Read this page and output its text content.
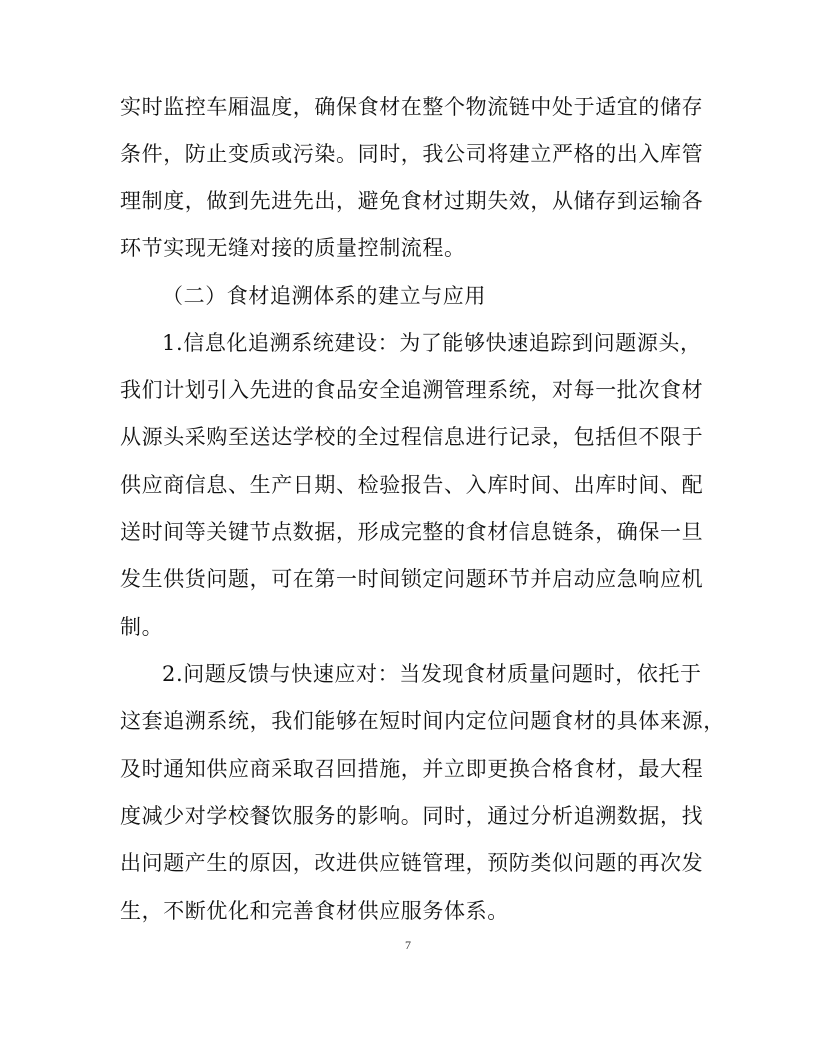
实时监控车厢温度，确保食材在整个物流链中处于适宜的储存
条件，防止变质或污染。同时，我公司将建立严格的出入库管
理制度，做到先进先出，避免食材过期失效，从储存到运输各
环节实现无缝对接的质量控制流程。
（二）食材追溯体系的建立与应用
1.信息化追溯系统建设：为了能够快速追踪到问题源头，
我们计划引入先进的食品安全追溯管理系统，对每一批次食材
从源头采购至送达学校的全过程信息进行记录，包括但不限于
供应商信息、生产日期、检验报告、入库时间、出库时间、配
送时间等关键节点数据，形成完整的食材信息链条，确保一旦
发生供货问题，可在第一时间锁定问题环节并启动应急响应机
制。
2.问题反馈与快速应对：当发现食材质量问题时，依托于
这套追溯系统，我们能够在短时间内定位问题食材的具体来源，
及时通知供应商采取召回措施，并立即更换合格食材，最大程
度减少对学校餐饮服务的影响。同时，通过分析追溯数据，找
出问题产生的原因，改进供应链管理，预防类似问题的再次发
生，不断优化和完善食材供应服务体系。
7
